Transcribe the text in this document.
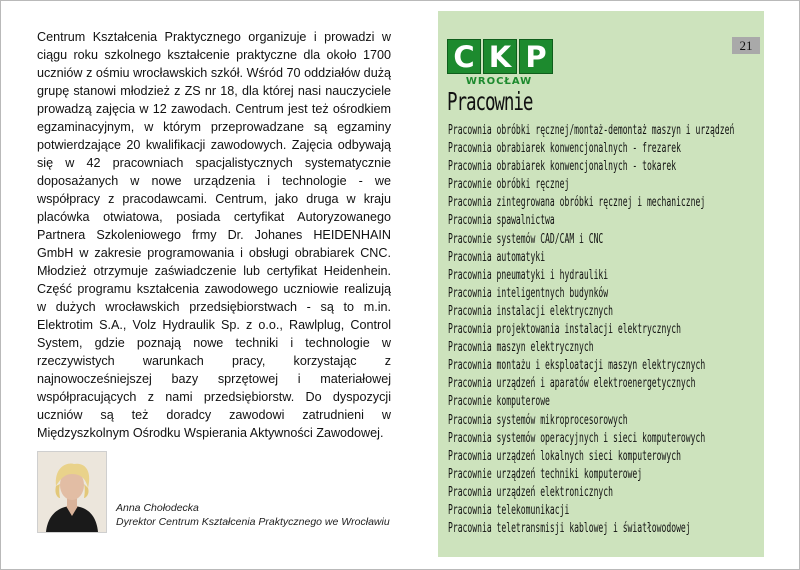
Centrum Kształcenia Praktycznego organizuje i prowadzi w ciągu roku szkolnego kształcenie praktyczne dla około 1700 uczniów z ośmiu wrocławskich szkół. Wśród 70 oddziałów dużą grupę stanowi młodzież z ZS nr 18, dla której nasi nauczyciele prowadzą zajęcia w 12 zawodach. Centrum jest też ośrodkiem egzaminacyjnym, w którym przeprowadzane są egzaminy potwierdzające 20 kwalifikacji zawodowych. Zajęcia odbywają się w 42 pracowniach spacjalistycznych systematycznie doposażanych w nowe urządzenia i technologie - we współpracy z pracodawcami. Centrum, jako druga w kraju placówka otwiatowa, posiada certyfikat Autoryzowanego Partnera Szkoleniowego frmy Dr. Johanes HEIDENHAIN GmbH w zakresie programowania i obsługi obrabiarek CNC. Młodzież otrzymuje zaświadczenie lub certyfikat Heidenhein. Część programu kształcenia zawodowego uczniowie realizują w dużych wrocławskich przedsiębiorstwach - są to m.in. Elektrotim S.A., Volz Hydraulik Sp. z o.o., Rawlplug, Control System, gdzie poznają nowe techniki i technologie w rzeczywistych warunkach pracy, korzystając z najnowocześniejszej bazy sprzętowej i materiałowej współpracujących z nami przedsiębiorstw. Do dyspozycji uczniów są też doradcy zawodowi zatrudnieni w Międzyszkolnym Ośrodku Wspierania Aktywności Zawodowej.

Anna Chołodecka
Dyrektor Centrum Kształcenia Praktycznego we Wrocławiu
21
C K P
WROCŁAW
Pracownie
Pracownia obróbki ręcznej/montaż-demontaż maszyn i urządzeń
Pracownia obrabiarek konwencjonalnych - frezarek
Pracownia obrabiarek konwencjonalnych - tokarek
Pracownie obróbki ręcznej
Pracownia zintegrowana obróbki ręcznej i mechanicznej
Pracownia spawalnictwa
Pracownie systemów CAD/CAM i CNC
Pracownia automatyki
Pracownia pneumatyki i hydrauliki
Pracownia inteligentnych budynków
Pracownia instalacji elektrycznych
Pracownia projektowania instalacji elektrycznych
Pracownia maszyn elektrycznych
Pracownia montażu i eksploatacji maszyn elektrycznych
Pracownia urządzeń i aparatów elektroenergetycznych
Pracownie komputerowe
Pracownia systemów mikroprocesorowych
Pracownia systemów operacyjnych i sieci komputerowych
Pracownia urządzeń lokalnych sieci komputerowych
Pracownie urządzeń techniki komputerowej
Pracownia urządzeń elektronicznych
Pracownia telekomunikacji
Pracownia teletransmisji kablowej i światłowodowej
